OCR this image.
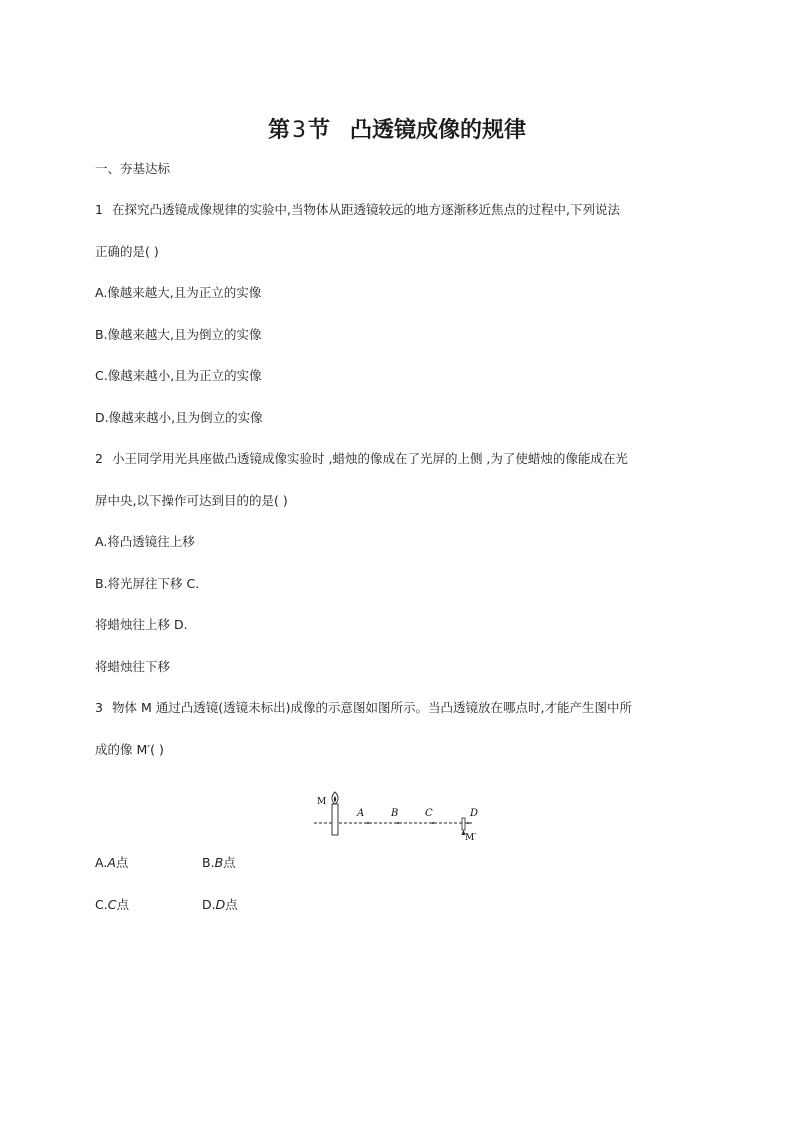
第3节 凸透镜成像的规律
一、夯基达标
1 在探究凸透镜成像规律的实验中,当物体从距透镜较远的地方逐渐移近焦点的过程中,下列说法
正确的是( )
A.像越来越大,且为正立的实像
B.像越来越大,且为倒立的实像
C.像越来越小,且为正立的实像
D.像越来越小,且为倒立的实像
2 小王同学用光具座做凸透镜成像实验时 ,蜡烛的像成在了光屏的上侧 ,为了使蜡烛的像能成在光
屏中央,以下操作可达到目的的是( )
A.将凸透镜往上移
B.将光屏往下移 C.
将蜡烛往上移 D.
将蜡烛往下移
3 物体 M 通过凸透镜(透镜未标出)成像的示意图如图所示。当凸透镜放在哪点时,才能产生图中所
成的像 M′( )
M
A	B	C	D
M′
A.A点	B.B点
C.C点	D.D点
